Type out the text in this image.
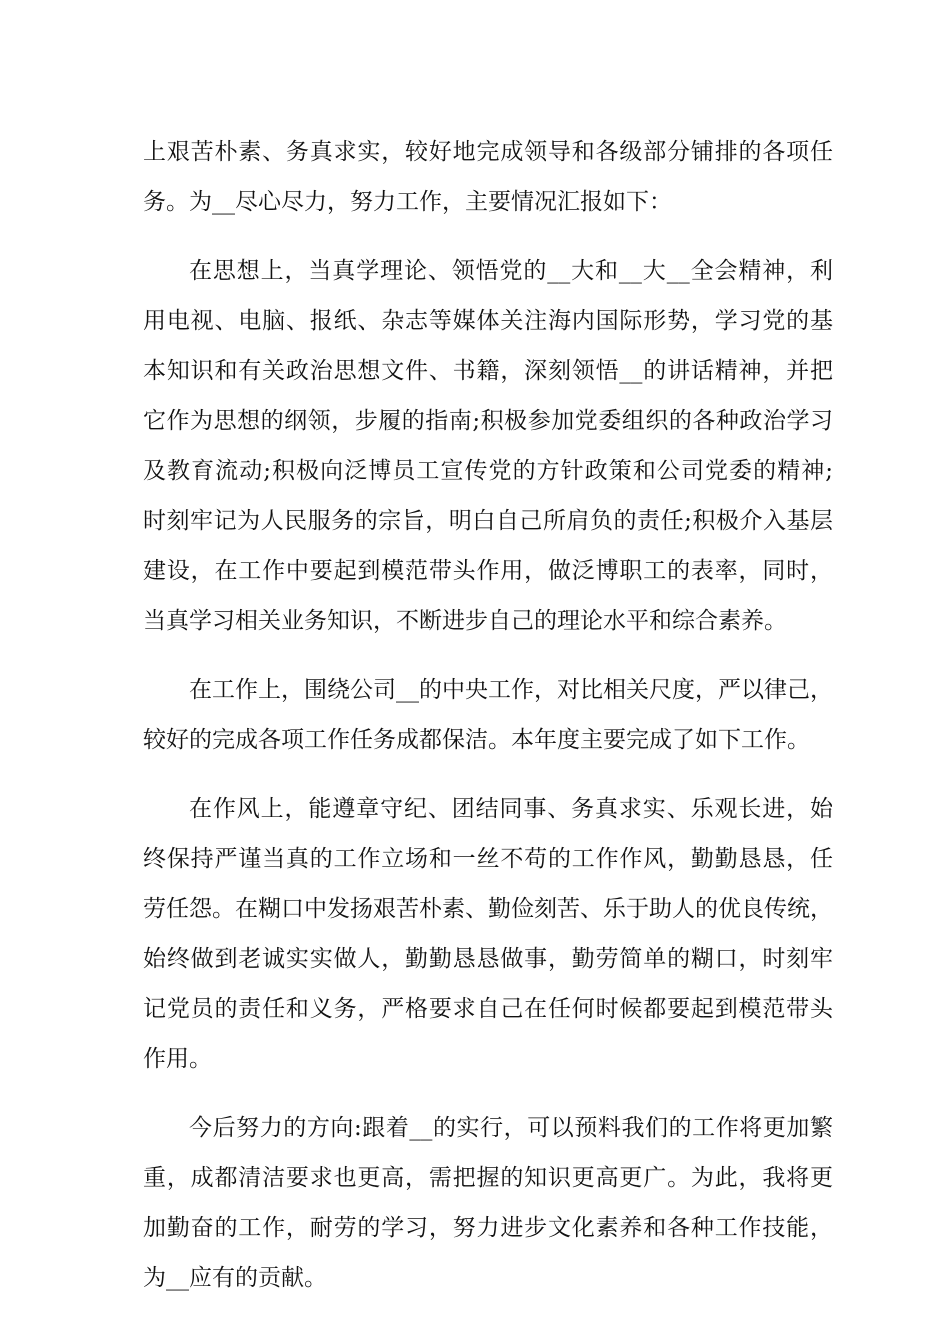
上艰苦朴素、务真求实，较好地完成领导和各级部分铺排的各项任
务。为__尽心尽力，努力工作，主要情况汇报如下：
在思想上，当真学理论、领悟党的__大和__大__全会精神，利
用电视、电脑、报纸、杂志等媒体关注海内国际形势，学习党的基
本知识和有关政治思想文件、书籍，深刻领悟__的讲话精神，并把
它作为思想的纲领，步履的指南;积极参加党委组织的各种政治学习
及教育流动;积极向泛博员工宣传党的方针政策和公司党委的精神;
时刻牢记为人民服务的宗旨，明白自己所肩负的责任;积极介入基层
建设，在工作中要起到模范带头作用，做泛博职工的表率，同时，
当真学习相关业务知识，不断进步自己的理论水平和综合素养。
在工作上，围绕公司__的中央工作，对比相关尺度，严以律己，
较好的完成各项工作任务成都保洁。本年度主要完成了如下工作。
在作风上，能遵章守纪、团结同事、务真求实、乐观长进，始
终保持严谨当真的工作立场和一丝不苟的工作作风，勤勤恳恳，任
劳任怨。在糊口中发扬艰苦朴素、勤俭刻苦、乐于助人的优良传统，
始终做到老诚实实做人，勤勤恳恳做事，勤劳简单的糊口，时刻牢
记党员的责任和义务，严格要求自己在任何时候都要起到模范带头
作用。
今后努力的方向:跟着__的实行，可以预料我们的工作将更加繁
重，成都清洁要求也更高，需把握的知识更高更广。为此，我将更
加勤奋的工作，耐劳的学习，努力进步文化素养和各种工作技能，
为__应有的贡献。
